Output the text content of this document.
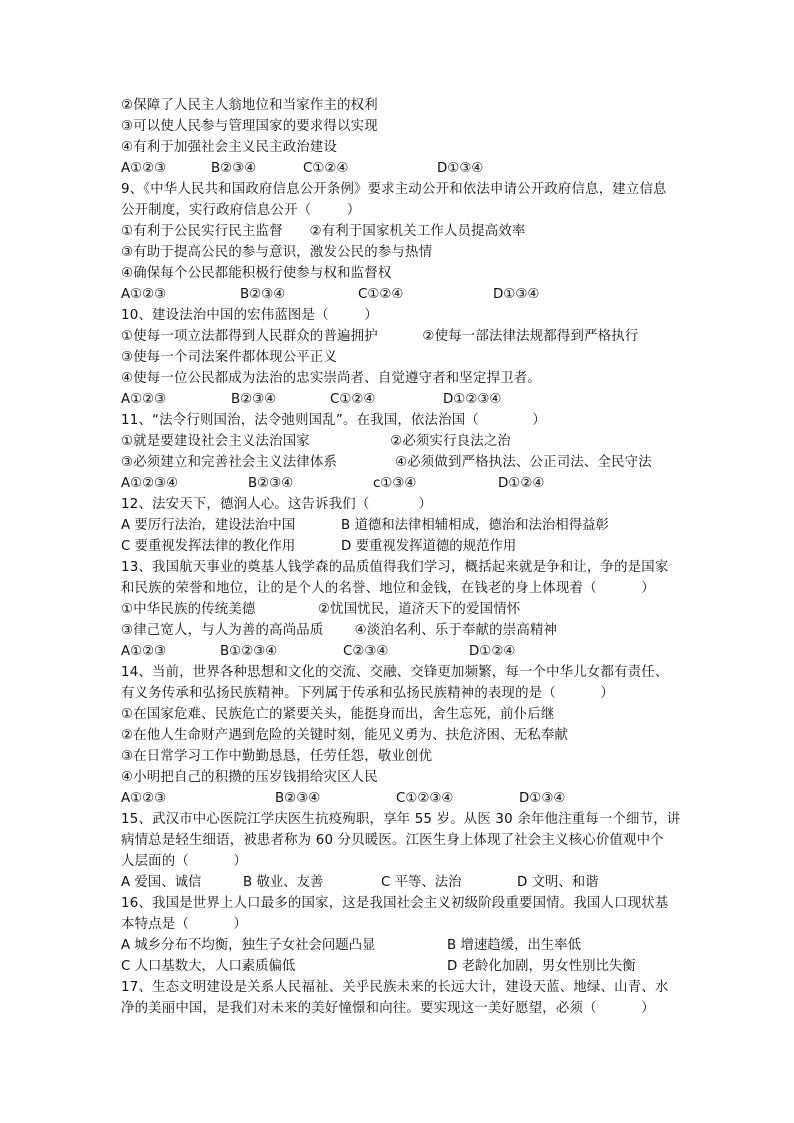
②保障了人民主人翁地位和当家作主的权利
③可以使人民参与管理国家的要求得以实现
④有利于加强社会主义民主政治建设
A①②③	B②③④	C①②④	D①③④
9、《中华人民共和国政府信息公开条例》要求主动公开和依法申请公开政府信息，建立信息
公开制度，实行政府信息公开（        ）
①有利于公民实行民主监督      ②有利于国家机关工作人员提高效率
③有助于提高公民的参与意识，激发公民的参与热情
④确保每个公民都能积极行使参与权和监督权
A①②③	B②③④	C①②④	D①③④
10、建设法治中国的宏伟蓝图是（        ）
①使每一项立法都得到人民群众的普遍拥护          ②使每一部法律法规都得到严格执行
③使每一个司法案件都体现公平正义
④使每一位公民都成为法治的忠实崇尚者、自觉遵守者和坚定捍卫者。
A①②③	B②③④	C①②④	D①②③④
11、“法令行则国治，法令弛则国乱”。在我国，依法治国（            ）
①就是要建设社会主义法治国家                  ②必须实行良法之治
③必须建立和完善社会主义法律体系             ④必须做到严格执法、公正司法、全民守法
A①②③④	B②③④	c①③④	D①②④
12、法安天下，德润人心。这告诉我们（           ）
A 要厉行法治，建设法治中国	B 道德和法律相辅相成，德治和法治相得益彰
C 要重视发挥法律的教化作用	D 要重视发挥道德的规范作用
13、我国航天事业的奠基人钱学森的品质值得我们学习，概括起来就是争和让，争的是国家
和民族的荣誉和地位，让的是个人的名誉、地位和金钱，在钱老的身上体现着（          ）
①中华民族的传统美德              ②忧国忧民，道济天下的爱国情怀
③律己宽人，与人为善的高尚品质       ④淡泊名利、乐于奉献的崇高精神
A①②③	B①②③④	C②③④	D①②④
14、当前，世界各种思想和文化的交流、交融、交锋更加频繁，每一个中华儿女都有责任、
有义务传承和弘扬民族精神。下列属于传承和弘扬民族精神的表现的是（          ）
①在国家危难、民族危亡的紧要关头，能挺身而出，舍生忘死，前仆后继
②在他人生命财产遇到危险的关键时刻，能见义勇为、扶危济困、无私奉献
③在日常学习工作中勤勤恳恳，任劳任怨，敬业创优
④小明把自己的积攒的压岁钱捐给灾区人民
A①②③	B②③④	C①②③④	D①③④
15、武汉市中心医院江学庆医生抗疫殉职，享年 55 岁。从医 30 余年他注重每一个细节，讲
病情总是轻生细语，被患者称为 60 分贝暖医。江医生身上体现了社会主义核心价值观中个
人层面的（          ）
A 爱国、诚信	B 敬业、友善	C 平等、法治	D 文明、和谐
16、我国是世界上人口最多的国家，这是我国社会主义初级阶段重要国情。我国人口现状基
本特点是（          ）
A 城乡分布不均衡，独生子女社会问题凸显	B 增速趋缓，出生率低
C 人口基数大，人口素质偏低	D 老龄化加剧，男女性别比失衡
17、生态文明建设是关系人民福祉、关乎民族未来的长远大计，建设天蓝、地绿、山青、水
净的美丽中国，是我们对未来的美好憧憬和向往。要实现这一美好愿望，必须（          ）
